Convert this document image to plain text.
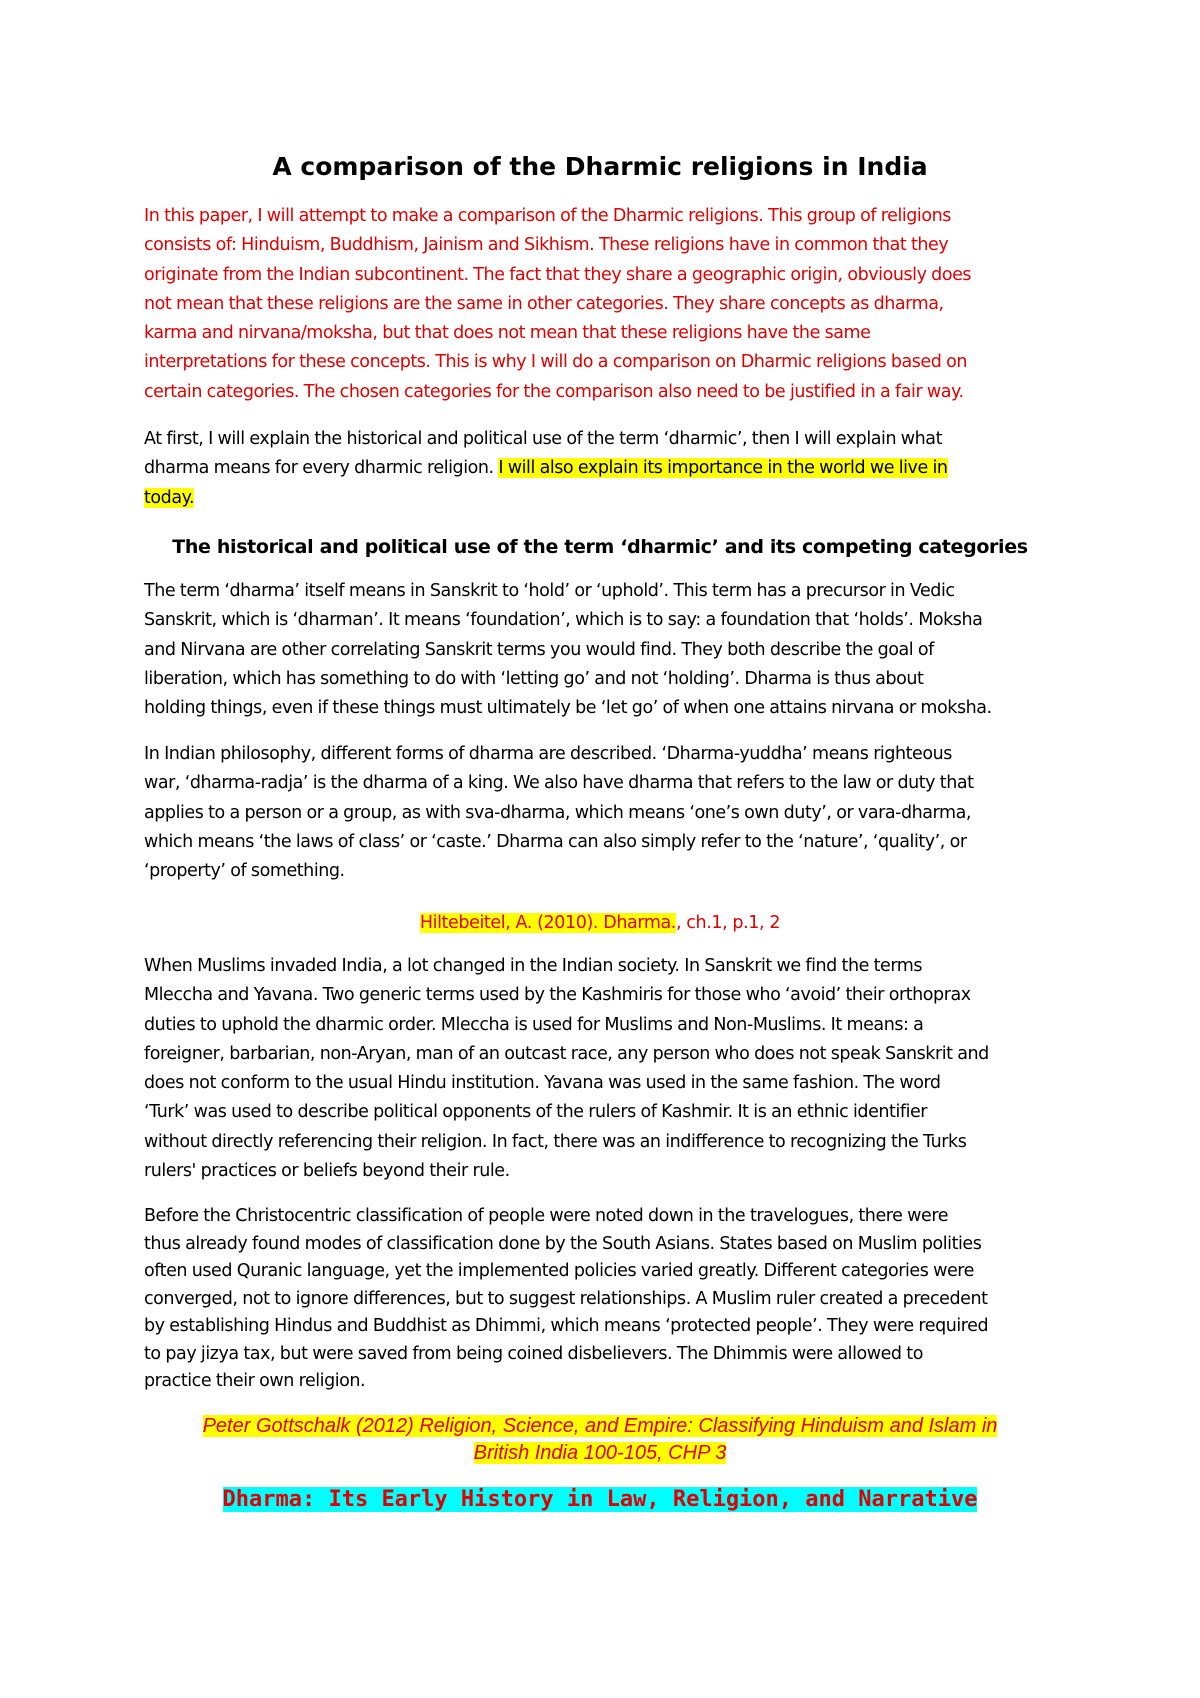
A comparison of the Dharmic religions in India

In this paper, I will attempt to make a comparison of the Dharmic religions. This group of religions
consists of: Hinduism, Buddhism, Jainism and Sikhism. These religions have in common that they
originate from the Indian subcontinent. The fact that they share a geographic origin, obviously does
not mean that these religions are the same in other categories. They share concepts as dharma,
karma and nirvana/moksha, but that does not mean that these religions have the same
interpretations for these concepts. This is why I will do a comparison on Dharmic religions based on
certain categories. The chosen categories for the comparison also need to be justified in a fair way.

At first, I will explain the historical and political use of the term ‘dharmic’, then I will explain what
dharma means for every dharmic religion. I will also explain its importance in the world we live in
today.

The historical and political use of the term ‘dharmic’ and its competing categories

The term ‘dharma’ itself means in Sanskrit to ‘hold’ or ‘uphold’. This term has a precursor in Vedic
Sanskrit, which is ‘dharman’. It means ‘foundation’, which is to say: a foundation that ‘holds’. Moksha
and Nirvana are other correlating Sanskrit terms you would find. They both describe the goal of
liberation, which has something to do with ‘letting go’ and not ‘holding’. Dharma is thus about
holding things, even if these things must ultimately be ‘let go’ of when one attains nirvana or moksha.

In Indian philosophy, different forms of dharma are described. ‘Dharma-yuddha’ means righteous
war, ‘dharma-radja’ is the dharma of a king. We also have dharma that refers to the law or duty that
applies to a person or a group, as with sva-dharma, which means ‘one’s own duty’, or vara-dharma,
which means ‘the laws of class’ or ‘caste.’ Dharma can also simply refer to the ‘nature’, ‘quality’, or
‘property’ of something.

Hiltebeitel, A. (2010). Dharma., ch.1, p.1, 2

When Muslims invaded India, a lot changed in the Indian society. In Sanskrit we find the terms
Mleccha and Yavana. Two generic terms used by the Kashmiris for those who ‘avoid’ their orthoprax
duties to uphold the dharmic order. Mleccha is used for Muslims and Non-Muslims. It means: a
foreigner, barbarian, non-Aryan, man of an outcast race, any person who does not speak Sanskrit and
does not conform to the usual Hindu institution. Yavana was used in the same fashion. The word
‘Turk’ was used to describe political opponents of the rulers of Kashmir. It is an ethnic identifier
without directly referencing their religion. In fact, there was an indifference to recognizing the Turks
rulers' practices or beliefs beyond their rule.

Before the Christocentric classification of people were noted down in the travelogues, there were
thus already found modes of classification done by the South Asians. States based on Muslim polities
often used Quranic language, yet the implemented policies varied greatly. Different categories were
converged, not to ignore differences, but to suggest relationships. A Muslim ruler created a precedent
by establishing Hindus and Buddhist as Dhimmi, which means ‘protected people’. They were required
to pay jizya tax, but were saved from being coined disbelievers. The Dhimmis were allowed to
practice their own religion.

Peter Gottschalk (2012) Religion, Science, and Empire: Classifying Hinduism and Islam in
British India 100-105, CHP 3

Dharma: Its Early History in Law, Religion, and Narrative
